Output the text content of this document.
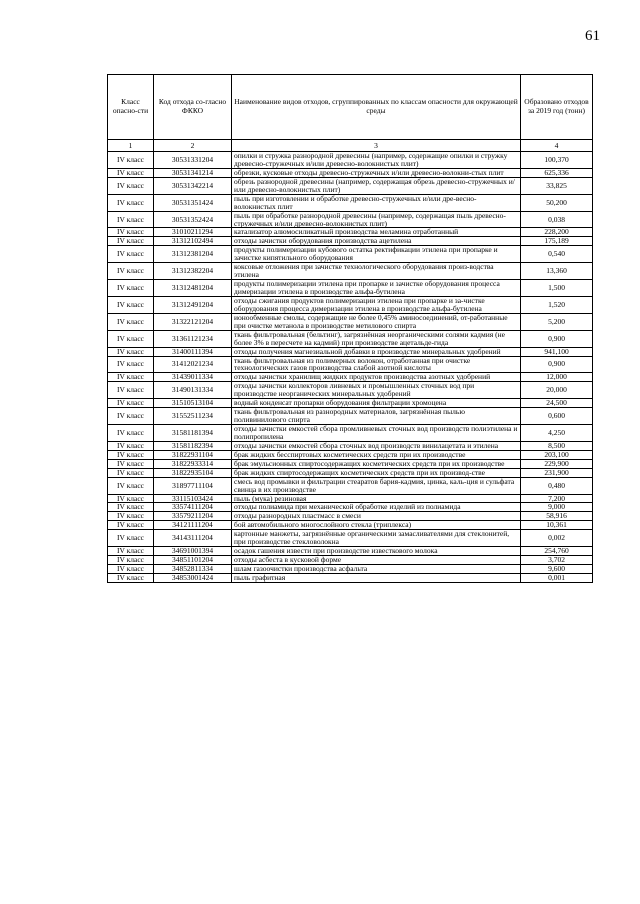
61
Класс опасно-сти	Код отхода со-гласно ФККО	Наименование видов отходов, сгруппированных по классам опасности для окружающей среды	Образовано отходов за 2019 год (тонн)
1	2	3	4
IV класс	30531331204	опилки и стружка разнородной древесины (например, содержащие опилки и стружку древесно-стружечных и/или древесно-волокнистых плит)	100,370
IV класс	30531341214	обрезки, кусковые отходы древесно-стружечных и/или древесно-волокни-стых плит	625,336
IV класс	30531342214	обрезь разнородной древесины (например, содержащая обрезь древесно-стружечных и/или древесно-волокнистых плит)	33,825
IV класс	30531351424	пыль при изготовлении и обработке древесно-стружечных и/или дре-весно-волокнистых плит	50,200
IV класс	30531352424	пыль при обработке разнородной древесины (например, содержащая пыль древесно-стружечных и/или древесно-волокнистых плит)	0,038
IV класс	31010211294	катализатор алюмосиликатный производства меламина отработанный	228,200
IV класс	31312102494	отходы зачистки оборудования производства ацетилена	175,189
IV класс	31312381204	продукты полимеризации кубового остатка ректификации этилена при пропарке и зачистке кипятильного оборудования	0,540
IV класс	31312382204	коксовые отложения при зачистке технологического оборудования произ-водства этилена	13,360
IV класс	31312481204	продукты полимеризации этилена при пропарке и зачистке оборудования процесса димеризации этилена в производстве альфа-бутилена	1,500
IV класс	31312491204	отходы сжигания продуктов полимеризации этилена при пропарке и за-чистке оборудования процесса димеризации этилена в производстве альфа-бутилена	1,520
IV класс	31322121204	ионообменные смолы, содержащие не более 0,45% аминосоединений, от-работанные при очистке метанола в производстве метилового спирта	5,200
IV класс	31361121234	ткань фильтровальная (бельтинг), загрязнённая неорганическими солями кадмия (не более 3% в пересчете на кадмий) при производстве ацетальде-гида	0,900
IV класс	31400111394	отходы получения магнезиальной добавки в производстве минеральных удобрений	941,100
IV класс	31412021234	ткань фильтровальная из полимерных волокон, отработанная при очистке технологических газов производства слабой азотной кислоты	0,900
IV класс	31439011334	отходы зачистки хранилищ жидких продуктов производства азотных удобрений	12,000
IV класс	31490131334	отходы зачистки коллекторов ливневых и промышленных сточных вод при производстве неорганических минеральных удобрений	20,000
IV класс	31510513104	водный конденсат пропарки оборудования фильтрации хромоцена	24,500
IV класс	31552511234	ткань фильтровальная из разнородных материалов, загрязнённая пылью поливинилового спирта	0,600
IV класс	31581181394	отходы зачистки емкостей сбора промливневых сточных вод производств полиэтилена и полипропилена	4,250
IV класс	31581182394	отходы зачистки емкостей сбора сточных вод производств винилацетата и этилена	8,500
IV класс	31822931104	брак жидких бесспиртовых косметических средств при их производстве	203,100
IV класс	31822933314	брак эмульсионных спиртосодержащих косметических средств при их производстве	229,900
IV класс	31822935104	брак жидких спиртосодержащих косметических средств при их производ-стве	231,900
IV класс	31897711104	смесь вод промывки и фильтрации стеаратов бария-кадмия, цинка, каль-ция и сульфата свинца в их производстве	0,480
IV класс	33115103424	пыль (мука) резиновая	7,200
IV класс	33574111204	отходы полиамида при механической обработке изделий из полиамида	9,000
IV класс	33579211204	отходы разнородных пластмасс в смеси	58,916
IV класс	34121111204	бой автомобильного многослойного стекла (триплекса)	10,361
IV класс	34143111204	картонные манжеты, загрязнённые органическими замасливателями для стеклонитей, при производстве стекловолокна	0,002
IV класс	34691001394	осадок гашения извести при производстве известкового молока	254,760
IV класс	34851101204	отходы асбеста в кусковой форме	3,702
IV класс	34852811334	шлам газоочистки производства асфальта	9,600
IV класс	34853001424	пыль графитная	0,001
